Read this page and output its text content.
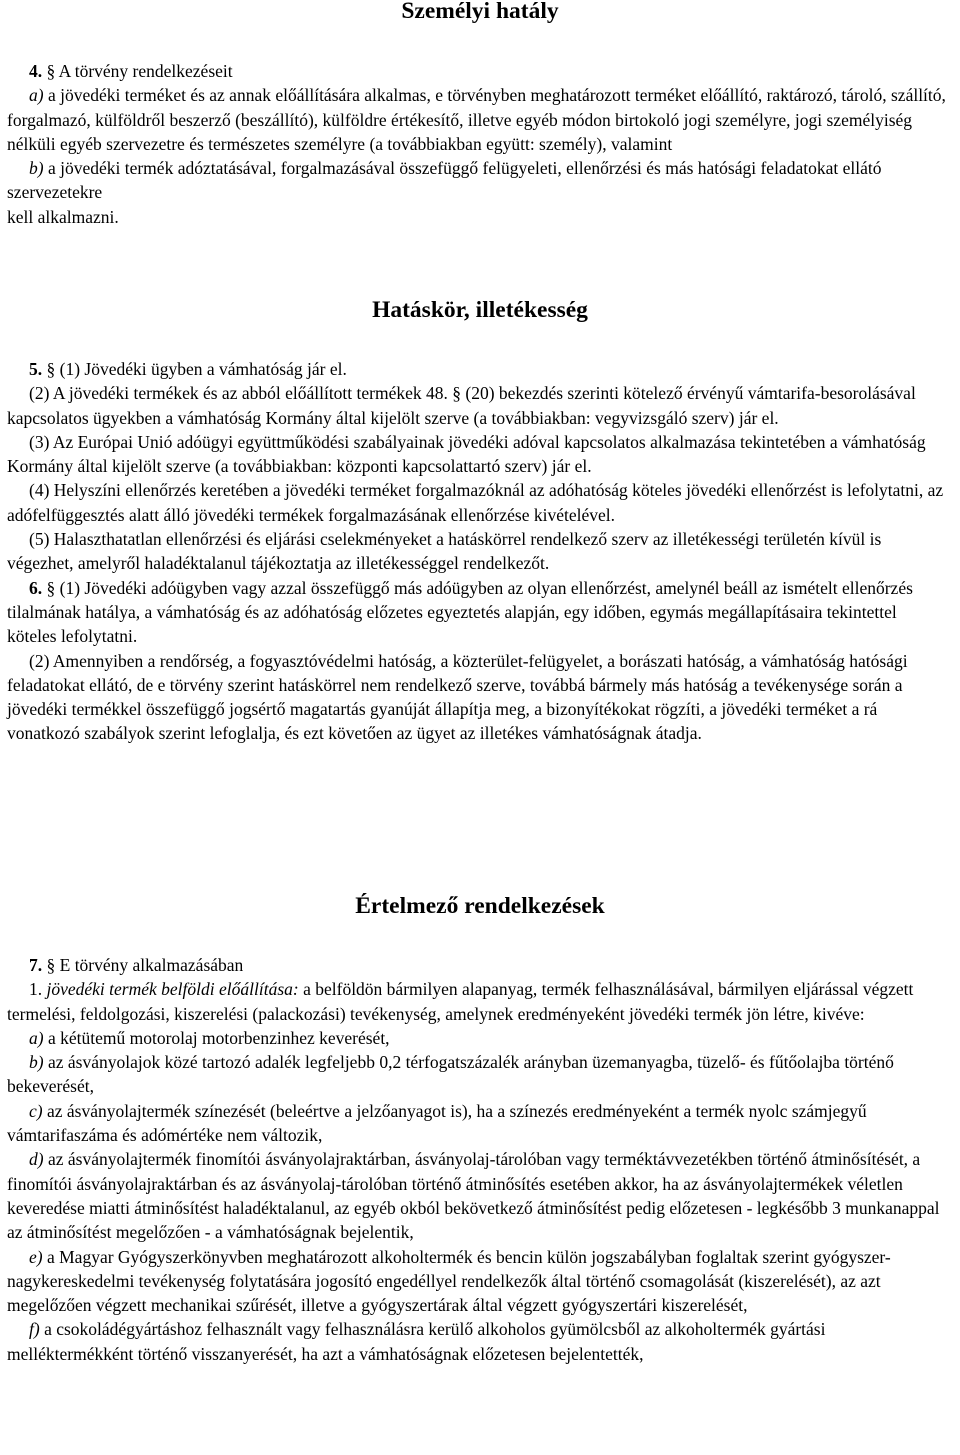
Személyi hatály

4. § A törvény rendelkezéseit

a) a jövedéki terméket és az annak előállítására alkalmas, e törvényben meghatározott terméket előállító, raktározó, tároló, szállító, forgalmazó, külföldről beszerző (beszállító), külföldre értékesítő, illetve egyéb módon birtokoló jogi személyre, jogi személyiség nélküli egyéb szervezetre és természetes személyre (a továbbiakban együtt: személy), valamint

b) a jövedéki termék adóztatásával, forgalmazásával összefüggő felügyeleti, ellenőrzési és más hatósági feladatokat ellátó szervezetekre

kell alkalmazni.

Hatáskör, illetékesség

5. § (1) Jövedéki ügyben a vámhatóság jár el.

(2) A jövedéki termékek és az abból előállított termékek 48. § (20) bekezdés szerinti kötelező érvényű vámtarifa-besorolásával kapcsolatos ügyekben a vámhatóság Kormány által kijelölt szerve (a továbbiakban: vegyvizsgáló szerv) jár el.

(3) Az Európai Unió adóügyi együttműködési szabályainak jövedéki adóval kapcsolatos alkalmazása tekintetében a vámhatóság Kormány által kijelölt szerve (a továbbiakban: központi kapcsolattartó szerv) jár el.

(4) Helyszíni ellenőrzés keretében a jövedéki terméket forgalmazóknál az adóhatóság köteles jövedéki ellenőrzést is lefolytatni, az adófelfüggesztés alatt álló jövedéki termékek forgalmazásának ellenőrzése kivételével.

(5) Halaszthatatlan ellenőrzési és eljárási cselekményeket a hatáskörrel rendelkező szerv az illetékességi területén kívül is végezhet, amelyről haladéktalanul tájékoztatja az illetékességgel rendelkezőt.

6. § (1) Jövedéki adóügyben vagy azzal összefüggő más adóügyben az olyan ellenőrzést, amelynél beáll az ismételt ellenőrzés tilalmának hatálya, a vámhatóság és az adóhatóság előzetes egyeztetés alapján, egy időben, egymás megállapításaira tekintettel köteles lefolytatni.

(2) Amennyiben a rendőrség, a fogyasztóvédelmi hatóság, a közterület-felügyelet, a borászati hatóság, a vámhatóság hatósági feladatokat ellátó, de e törvény szerint hatáskörrel nem rendelkező szerve, továbbá bármely más hatóság a tevékenysége során a jövedéki termékkel összefüggő jogsértő magatartás gyanúját állapítja meg, a bizonyítékokat rögzíti, a jövedéki terméket a rá vonatkozó szabályok szerint lefoglalja, és ezt követően az ügyet az illetékes vámhatóságnak átadja.

Értelmező rendelkezések

7. § E törvény alkalmazásában

1. jövedéki termék belföldi előállítása: a belföldön bármilyen alapanyag, termék felhasználásával, bármilyen eljárással végzett termelési, feldolgozási, kiszerelési (palackozási) tevékenység, amelynek eredményeként jövedéki termék jön létre, kivéve:

a) a kétütemű motorolaj motorbenzinhez keverését,

b) az ásványolajok közé tartozó adalék legfeljebb 0,2 térfogatszázalék arányban üzemanyagba, tüzelő- és fűtőolajba történő bekeverését,

c) az ásványolajtermék színezését (beleértve a jelzőanyagot is), ha a színezés eredményeként a termék nyolc számjegyű vámtarifaszáma és adómértéke nem változik,

d) az ásványolajtermék finomítói ásványolajraktárban, ásványolaj-tárolóban vagy terméktávvezetékben történő átminősítését, a finomítói ásványolajraktárban és az ásványolaj-tárolóban történő átminősítés esetében akkor, ha az ásványolajtermékek véletlen keveredése miatti átminősítést haladéktalanul, az egyéb okból bekövetkező átminősítést pedig előzetesen - legkésőbb 3 munkanappal az átminősítést megelőzően - a vámhatóságnak bejelentik,

e) a Magyar Gyógyszerkönyvben meghatározott alkoholtermék és bencin külön jogszabályban foglaltak szerint gyógyszer-nagykereskedelmi tevékenység folytatására jogosító engedéllyel rendelkezők által történő csomagolását (kiszerelését), az azt megelőzően végzett mechanikai szűrését, illetve a gyógyszertárak által végzett gyógyszertári kiszerelését,

f) a csokoládégyártáshoz felhasznált vagy felhasználásra kerülő alkoholos gyümölcsből az alkoholtermék gyártási melléktermékként történő visszanyerését, ha azt a vámhatóságnak előzetesen bejelentették,
